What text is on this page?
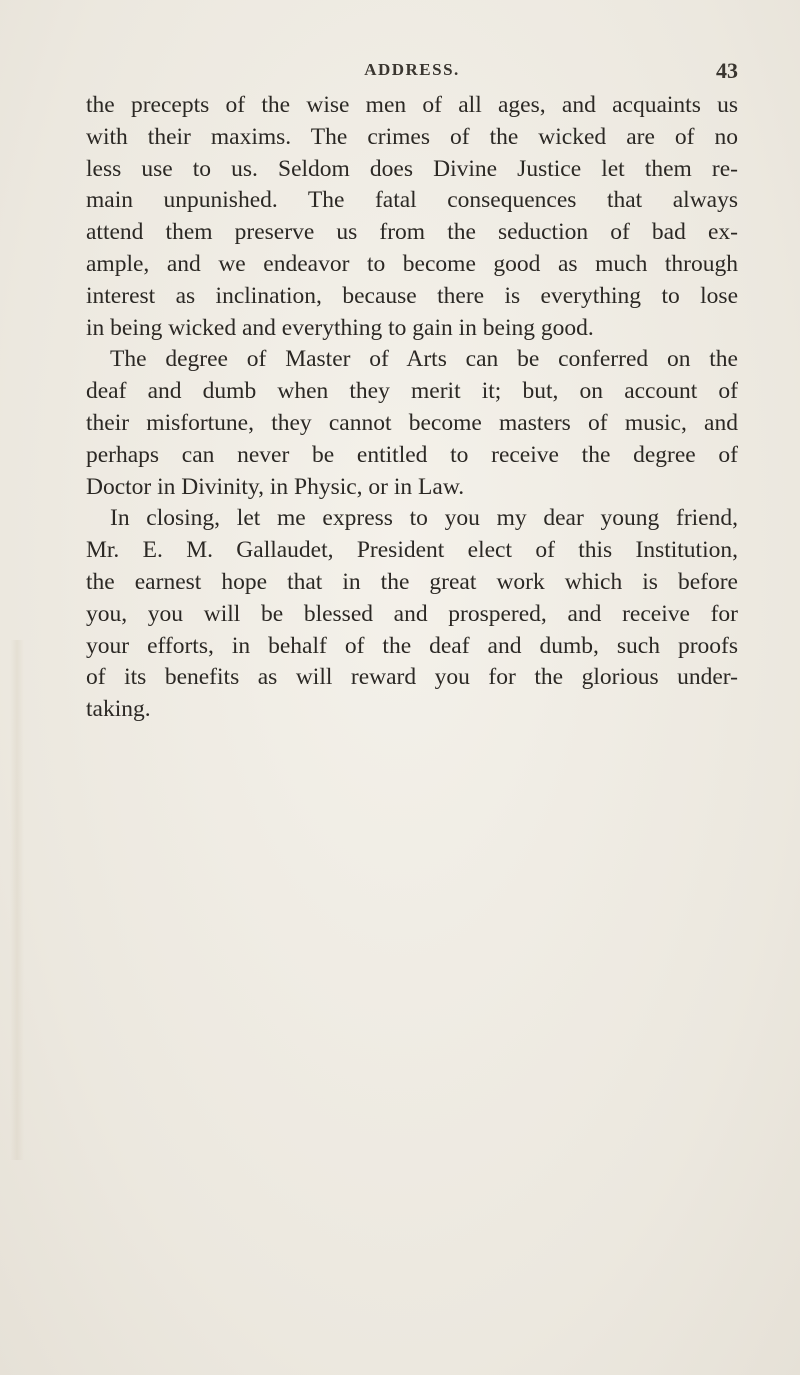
ADDRESS.	43
the precepts of the wise men of all ages, and acquaints us
with their maxims. The crimes of the wicked are of no
less use to us. Seldom does Divine Justice let them re-
main unpunished. The fatal consequences that always
attend them preserve us from the seduction of bad ex-
ample, and we endeavor to become good as much through
interest as inclination, because there is everything to lose
in being wicked and everything to gain in being good.
The degree of Master of Arts can be conferred on the
deaf and dumb when they merit it; but, on account of
their misfortune, they cannot become masters of music, and
perhaps can never be entitled to receive the degree of
Doctor in Divinity, in Physic, or in Law.
In closing, let me express to you my dear young friend,
Mr. E. M. Gallaudet, President elect of this Institution,
the earnest hope that in the great work which is before
you, you will be blessed and prospered, and receive for
your efforts, in behalf of the deaf and dumb, such proofs
of its benefits as will reward you for the glorious under-
taking.
